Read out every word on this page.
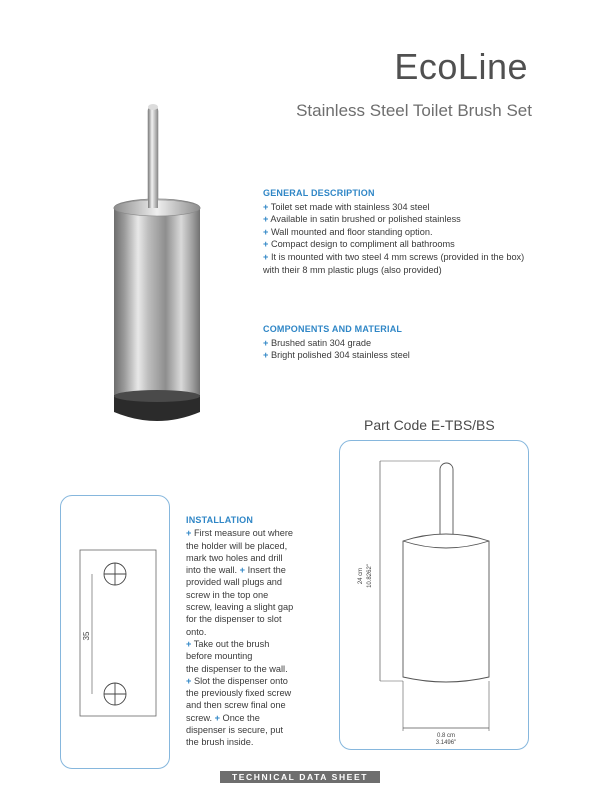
EcoLine
Stainless Steel Toilet Brush Set
GENERAL DESCRIPTION

+ Toilet set made with stainless 304 steel

+ Available in satin brushed or polished stainless

+ Wall mounted and floor standing option.

+ Compact design to compliment all bathrooms

+ It is mounted with two steel 4 mm screws (provided in the box) with their 8 mm plastic plugs (also provided)

COMPONENTS AND MATERIAL

+ Brushed satin 304 grade

+ Bright polished 304 stainless steel

Part Code E-TBS/BS
24 cm 10.8262"
0.8 cm
3.1496"
35
INSTALLATION
+ First measure out where
the holder will be placed,
mark two holes and drill
into the wall. + Insert the
provided wall plugs and
screw in the top one
screw, leaving a slight gap
for the dispenser to slot
onto.
+ Take out the brush
before mounting
the dispenser to the wall.
+ Slot the dispenser onto
the previously fixed screw
and then screw final one
screw. + Once the
dispenser is secure, put
the brush inside.
TECHNICAL DATA SHEET
